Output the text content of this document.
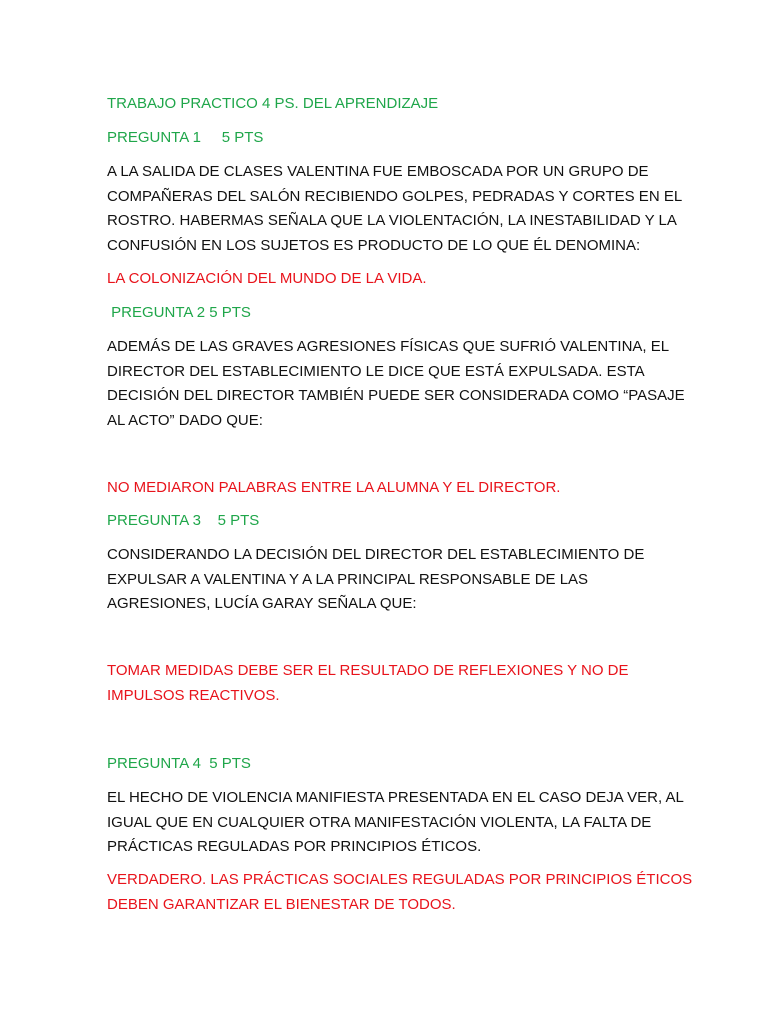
TRABAJO PRACTICO 4 PS. DEL APRENDIZAJE
PREGUNTA 1     5 PTS
A LA SALIDA DE CLASES VALENTINA FUE EMBOSCADA POR UN GRUPO DE
COMPAÑERAS DEL SALÓN RECIBIENDO GOLPES, PEDRADAS Y CORTES EN EL
ROSTRO. HABERMAS SEÑALA QUE LA VIOLENTACIÓN, LA INESTABILIDAD Y LA
CONFUSIÓN EN LOS SUJETOS ES PRODUCTO DE LO QUE ÉL DENOMINA:
LA COLONIZACIÓN DEL MUNDO DE LA VIDA.
PREGUNTA 2 5 PTS
ADEMÁS DE LAS GRAVES AGRESIONES FÍSICAS QUE SUFRIÓ VALENTINA, EL
DIRECTOR DEL ESTABLECIMIENTO LE DICE QUE ESTÁ EXPULSADA. ESTA
DECISIÓN DEL DIRECTOR TAMBIÉN PUEDE SER CONSIDERADA COMO “PASAJE
AL ACTO” DADO QUE:
NO MEDIARON PALABRAS ENTRE LA ALUMNA Y EL DIRECTOR.
PREGUNTA 3    5 PTS
CONSIDERANDO LA DECISIÓN DEL DIRECTOR DEL ESTABLECIMIENTO DE
EXPULSAR A VALENTINA Y A LA PRINCIPAL RESPONSABLE DE LAS
AGRESIONES, LUCÍA GARAY SEÑALA QUE:
TOMAR MEDIDAS DEBE SER EL RESULTADO DE REFLEXIONES Y NO DE
IMPULSOS REACTIVOS.
PREGUNTA 4  5 PTS
EL HECHO DE VIOLENCIA MANIFIESTA PRESENTADA EN EL CASO DEJA VER, AL
IGUAL QUE EN CUALQUIER OTRA MANIFESTACIÓN VIOLENTA, LA FALTA DE
PRÁCTICAS REGULADAS POR PRINCIPIOS ÉTICOS.
VERDADERO. LAS PRÁCTICAS SOCIALES REGULADAS POR PRINCIPIOS ÉTICOS
DEBEN GARANTIZAR EL BIENESTAR DE TODOS.
